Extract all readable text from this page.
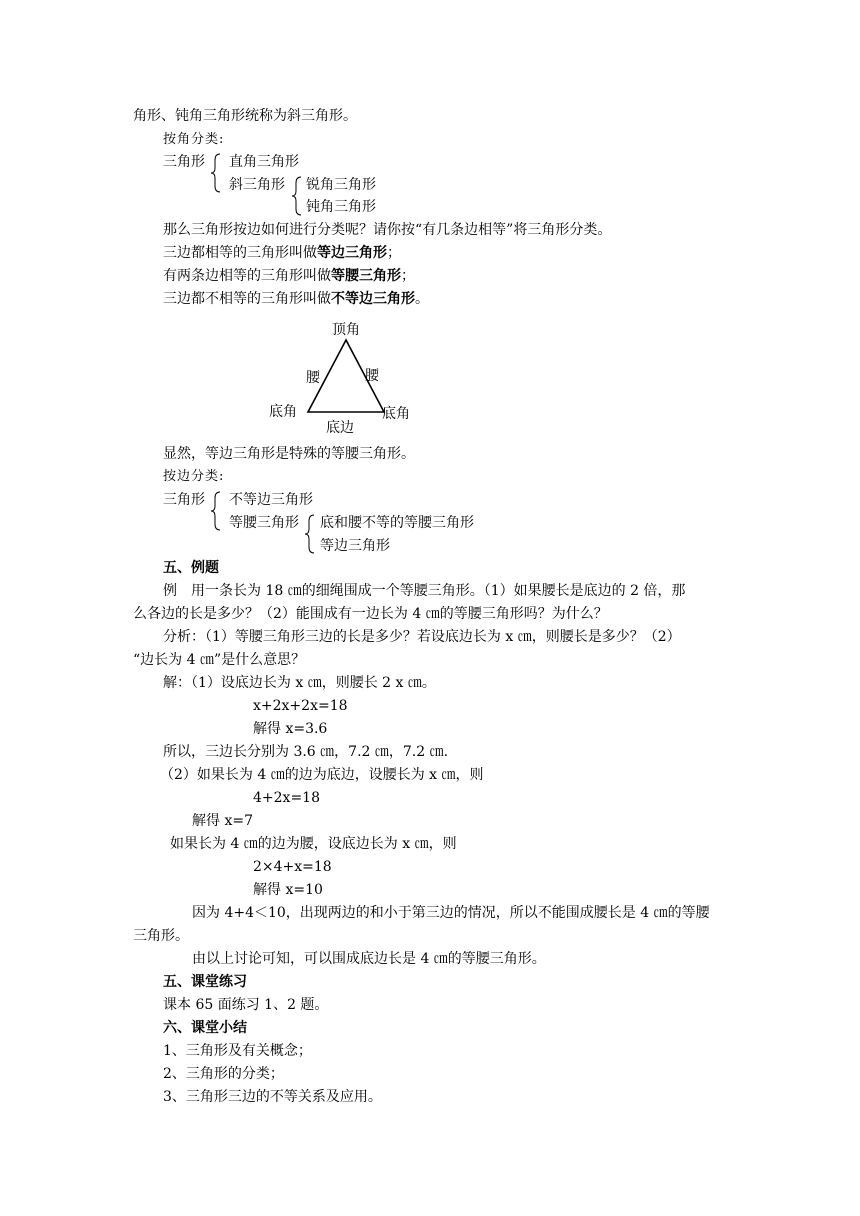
角形、钝角三角形统称为斜三角形。
按角分类:
三角形 直角三角形
斜三角形 锐角三角形
钝角三角形
那么三角形按边如何进行分类呢？请你按“有几条边相等”将三角形分类。
三边都相等的三角形叫做等边三角形；
有两条边相等的三角形叫做等腰三角形；
三边都不相等的三角形叫做不等边三角形。
顶角
腰	腰
底角	底角
底边
显然，等边三角形是特殊的等腰三角形。
按边分类:
三角形 不等边三角形
等腰三角形 底和腰不等的等腰三角形
等边三角形
五、例题
例　用一条长为 18 ㎝的细绳围成一个等腰三角形。（1）如果腰长是底边的 2 倍，那
么各边的长是多少？（2）能围成有一边长为 4 ㎝的等腰三角形吗？为什么？
分析：（1）等腰三角形三边的长是多少？若设底边长为 x ㎝，则腰长是多少？（2）
“边长为 4 ㎝”是什么意思？
解：（1）设底边长为 x ㎝，则腰长 2 x ㎝。
x+2x+2x=18
解得 x=3.6
所以，三边长分别为 3.6 ㎝，7.2 ㎝，7.2 ㎝.
（2）如果长为 4 ㎝的边为底边，设腰长为 x ㎝，则
4+2x=18
解得 x=7
如果长为 4 ㎝的边为腰，设底边长为 x ㎝，则
2×4+x=18
解得 x=10
因为 4+4＜10，出现两边的和小于第三边的情况，所以不能围成腰长是 4 ㎝的等腰
三角形。
由以上讨论可知，可以围成底边长是 4 ㎝的等腰三角形。
五、课堂练习
课本 65 面练习 1、2 题。
六、课堂小结
1、三角形及有关概念；
2、三角形的分类；
3、三角形三边的不等关系及应用。
